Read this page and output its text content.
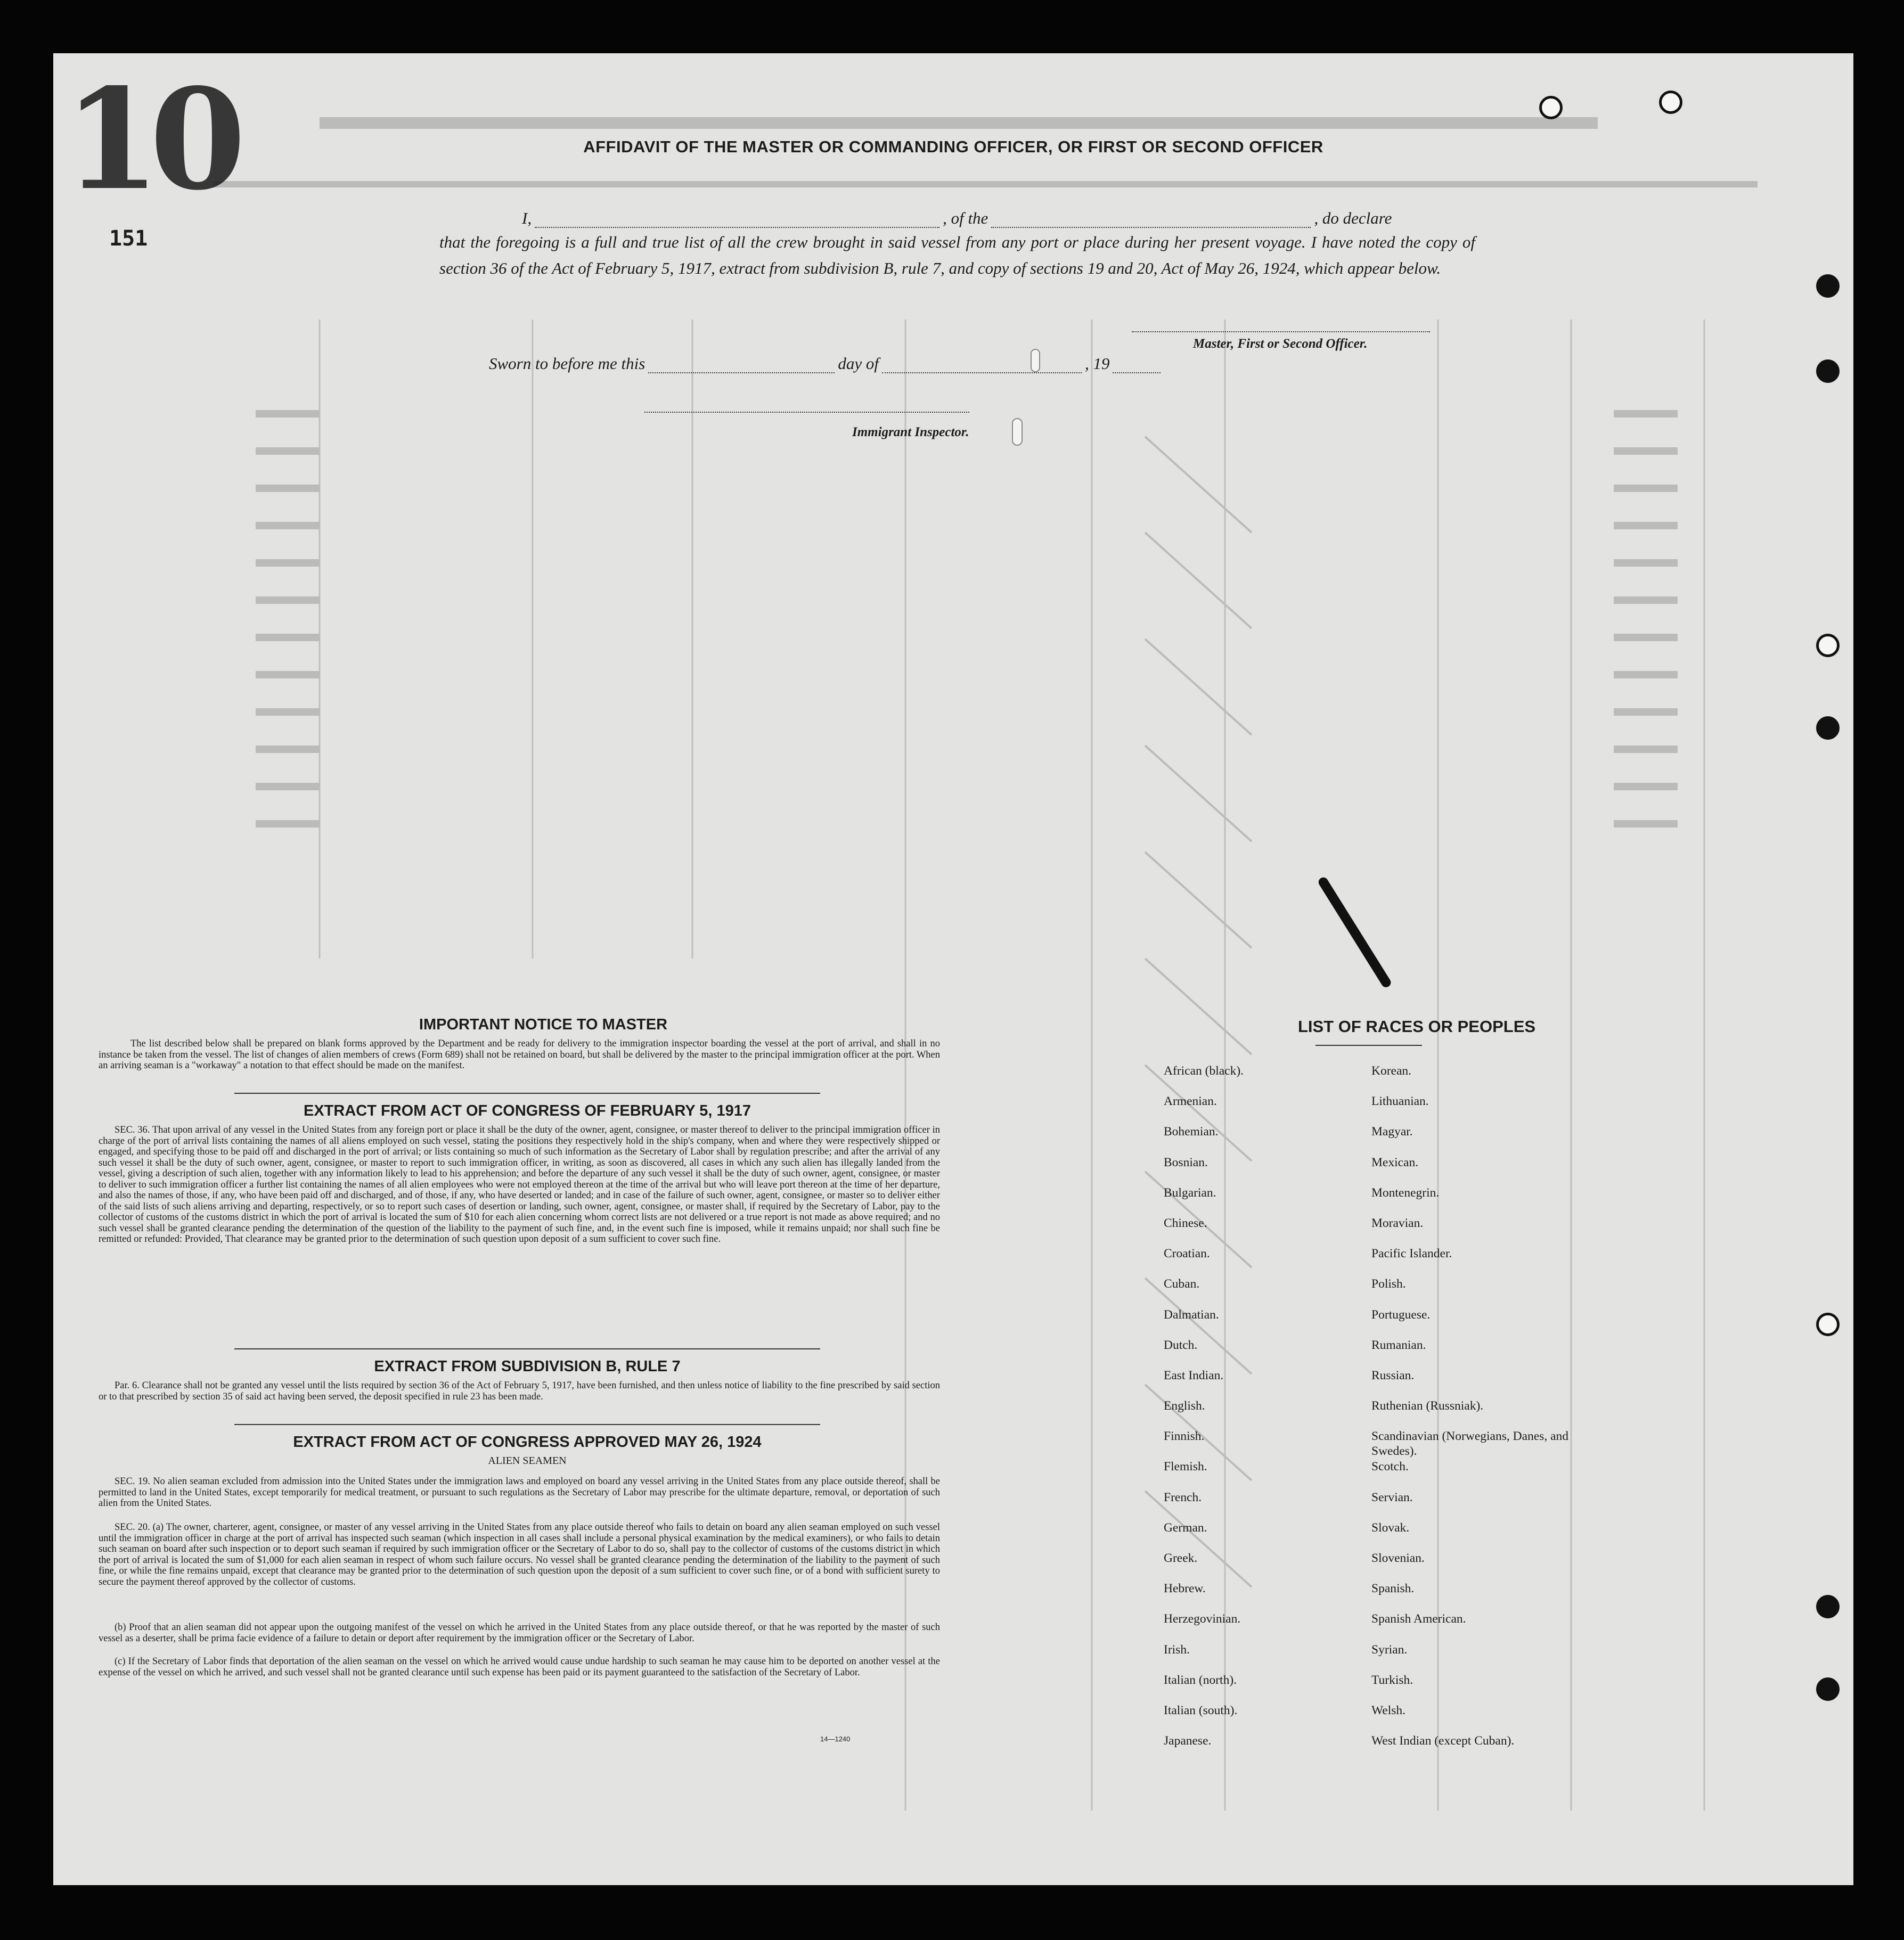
10
151
AFFIDAVIT OF THE MASTER OR COMMANDING OFFICER, OR FIRST OR SECOND OFFICER
I,	, of the	, do declare
that the foregoing is a full and true list of all the crew brought in said vessel from any port or place during her present voyage. I have noted the copy of section 36 of the Act of February 5, 1917, extract from subdivision B, rule 7, and copy of sections 19 and 20, Act of May 26, 1924, which appear below.
Master, First or Second Officer.
Sworn to before me this	day of	, 19
Immigrant Inspector.
IMPORTANT NOTICE TO MASTER
The list described below shall be prepared on blank forms approved by the Department and be ready for delivery to the immigration inspector boarding the vessel at the port of arrival, and shall in no instance be taken from the vessel. The list of changes of alien members of crews (Form 689) shall not be retained on board, but shall be delivered by the master to the principal immigration officer at the port. When an arriving seaman is a "workaway" a notation to that effect should be made on the manifest.
EXTRACT FROM ACT OF CONGRESS OF FEBRUARY 5, 1917
SEC. 36. That upon arrival of any vessel in the United States from any foreign port or place it shall be the duty of the owner, agent, consignee, or master thereof to deliver to the principal immigration officer in charge of the port of arrival lists containing the names of all aliens employed on such vessel, stating the positions they respectively hold in the ship's company, when and where they were respectively shipped or engaged, and specifying those to be paid off and discharged in the port of arrival; or lists containing so much of such information as the Secretary of Labor shall by regulation prescribe; and after the arrival of any such vessel it shall be the duty of such owner, agent, consignee, or master to report to such immigration officer, in writing, as soon as discovered, all cases in which any such alien has illegally landed from the vessel, giving a description of such alien, together with any information likely to lead to his apprehension; and before the departure of any such vessel it shall be the duty of such owner, agent, consignee, or master to deliver to such immigration officer a further list containing the names of all alien employees who were not employed thereon at the time of the arrival but who will leave port thereon at the time of her departure, and also the names of those, if any, who have been paid off and discharged, and of those, if any, who have deserted or landed; and in case of the failure of such owner, agent, consignee, or master so to deliver either of the said lists of such aliens arriving and departing, respectively, or so to report such cases of desertion or landing, such owner, agent, consignee, or master shall, if required by the Secretary of Labor, pay to the collector of customs of the customs district in which the port of arrival is located the sum of $10 for each alien concerning whom correct lists are not delivered or a true report is not made as above required; and no such vessel shall be granted clearance pending the determination of the question of the liability to the payment of such fine, and, in the event such fine is imposed, while it remains unpaid; nor shall such fine be remitted or refunded: Provided, That clearance may be granted prior to the determination of such question upon deposit of a sum sufficient to cover such fine.
EXTRACT FROM SUBDIVISION B, RULE 7
Par. 6. Clearance shall not be granted any vessel until the lists required by section 36 of the Act of February 5, 1917, have been furnished, and then unless notice of liability to the fine prescribed by said section or to that prescribed by section 35 of said act having been served, the deposit specified in rule 23 has been made.
EXTRACT FROM ACT OF CONGRESS APPROVED MAY 26, 1924
ALIEN SEAMEN
SEC. 19. No alien seaman excluded from admission into the United States under the immigration laws and employed on board any vessel arriving in the United States from any place outside thereof, shall be permitted to land in the United States, except temporarily for medical treatment, or pursuant to such regulations as the Secretary of Labor may prescribe for the ultimate departure, removal, or deportation of such alien from the United States.
SEC. 20. (a) The owner, charterer, agent, consignee, or master of any vessel arriving in the United States from any place outside thereof who fails to detain on board any alien seaman employed on such vessel until the immigration officer in charge at the port of arrival has inspected such seaman (which inspection in all cases shall include a personal physical examination by the medical examiners), or who fails to detain such seaman on board after such inspection or to deport such seaman if required by such immigration officer or the Secretary of Labor to do so, shall pay to the collector of customs of the customs district in which the port of arrival is located the sum of $1,000 for each alien seaman in respect of whom such failure occurs. No vessel shall be granted clearance pending the determination of the liability to the payment of such fine, or while the fine remains unpaid, except that clearance may be granted prior to the determination of such question upon the deposit of a sum sufficient to cover such fine, or of a bond with sufficient surety to secure the payment thereof approved by the collector of customs.
(b) Proof that an alien seaman did not appear upon the outgoing manifest of the vessel on which he arrived in the United States from any place outside thereof, or that he was reported by the master of such vessel as a deserter, shall be prima facie evidence of a failure to detain or deport after requirement by the immigration officer or the Secretary of Labor.
(c) If the Secretary of Labor finds that deportation of the alien seaman on the vessel on which he arrived would cause undue hardship to such seaman he may cause him to be deported on another vessel at the expense of the vessel on which he arrived, and such vessel shall not be granted clearance until such expense has been paid or its payment guaranteed to the satisfaction of the Secretary of Labor.
14—1240
LIST OF RACES OR PEOPLES
African (black).
Armenian.
Bohemian.
Bosnian.
Bulgarian.
Chinese.
Croatian.
Cuban.
Dalmatian.
Dutch.
East Indian.
English.
Finnish.
Flemish.
French.
German.
Greek.
Hebrew.
Herzegovinian.
Irish.
Italian (north).
Italian (south).
Japanese.
Korean.
Lithuanian.
Magyar.
Mexican.
Montenegrin.
Moravian.
Pacific Islander.
Polish.
Portuguese.
Rumanian.
Russian.
Ruthenian (Russniak).
Scandinavian (Norwegians, Danes, and Swedes).
Scotch.
Servian.
Slovak.
Slovenian.
Spanish.
Spanish American.
Syrian.
Turkish.
Welsh.
West Indian (except Cuban).
